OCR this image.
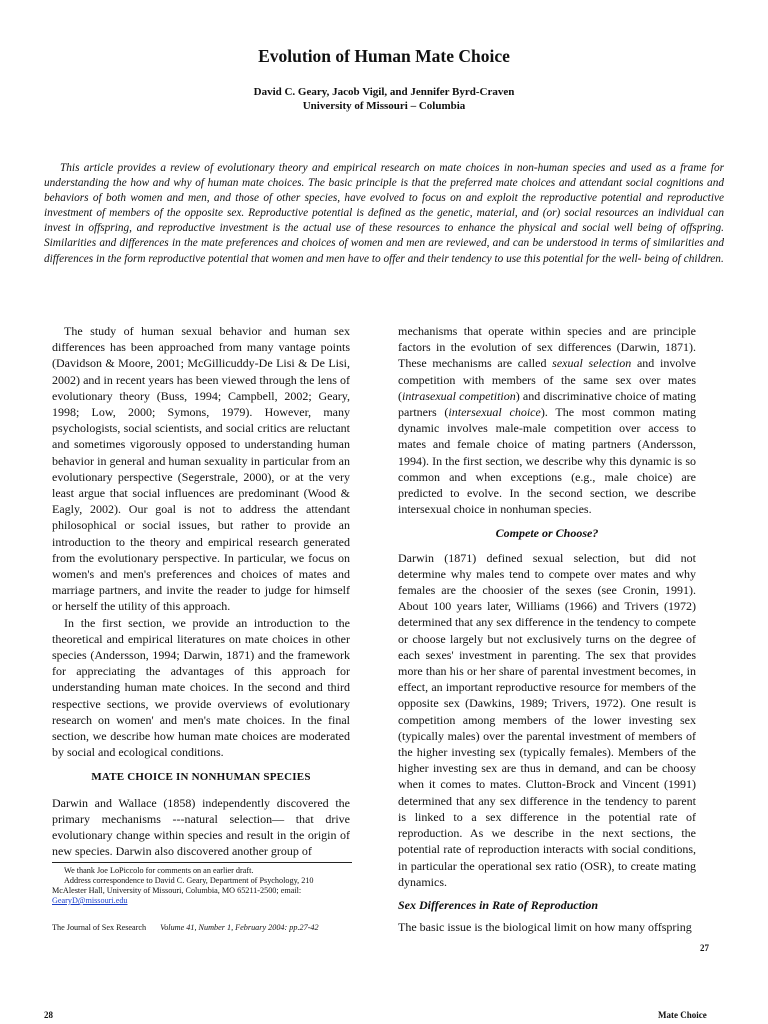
Evolution of Human Mate Choice
David C. Geary, Jacob Vigil, and Jennifer Byrd-Craven
University of Missouri – Columbia

This article provides a review of evolutionary theory and empirical research on mate choices in non-human species and used as a frame for understanding the how and why of human mate choices. The basic principle is that the preferred mate choices and attendant social cognitions and behaviors of both women and men, and those of other species, have evolved to focus on and exploit the reproductive potential and reproductive investment of members of the opposite sex. Reproductive potential is defined as the genetic, material, and (or) social resources an individual can invest in offspring, and reproductive investment is the actual use of these resources to enhance the physical and social well being of offspring. Similarities and differences in the mate preferences and choices of women and men are reviewed, and can be understood in terms of similarities and differences in the form reproductive potential that women and men have to offer and their tendency to use this potential for the well- being of children.

The study of human sexual behavior and human sex differences has been approached from many vantage points (Davidson & Moore, 2001; McGillicuddy-De Lisi & De Lisi, 2002) and in recent years has been viewed through the lens of evolutionary theory (Buss, 1994; Campbell, 2002; Geary, 1998; Low, 2000; Symons, 1979). However, many psychologists, social scientists, and social critics are reluctant and sometimes vigorously opposed to understanding human behavior in general and human sexuality in particular from an evolutionary perspective (Segerstrale, 2000), or at the very least argue that social influences are predominant (Wood & Eagly, 2002). Our goal is not to address the attendant philosophical or social issues, but rather to provide an introduction to the theory and empirical research generated from the evolutionary perspective. In particular, we focus on women's and men's preferences and choices of mates and marriage partners, and invite the reader to judge for himself or herself the utility of this approach.

In the first section, we provide an introduction to the theoretical and empirical literatures on mate choices in other species (Andersson, 1994; Darwin, 1871) and the framework for appreciating the advantages of this approach for understanding human mate choices. In the second and third respective sections, we provide overviews of evolutionary research on women' and men's mate choices. In the final section, we describe how human mate choices are moderated by social and ecological conditions.

MATE CHOICE IN NONHUMAN SPECIES

Darwin and Wallace (1858) independently discovered the primary mechanisms ---natural selection— that drive evolutionary change within species and result in the origin of new species. Darwin also discovered another group of

mechanisms that operate within species and are principle factors in the evolution of sex differences (Darwin, 1871). These mechanisms are called sexual selection and involve competition with members of the same sex over mates (intrasexual competition) and discriminative choice of mating partners (intersexual choice). The most common mating dynamic involves male-male competition over access to mates and female choice of mating partners (Andersson, 1994). In the first section, we describe why this dynamic is so common and when exceptions (e.g., male choice) are predicted to evolve. In the second section, we describe intersexual choice in nonhuman species.

Compete or Choose?

Darwin (1871) defined sexual selection, but did not determine why males tend to compete over mates and why females are the choosier of the sexes (see Cronin, 1991). About 100 years later, Williams (1966) and Trivers (1972) determined that any sex difference in the tendency to compete or choose largely but not exclusively turns on the degree of each sexes' investment in parenting. The sex that provides more than his or her share of parental investment becomes, in effect, an important reproductive resource for members of the opposite sex (Dawkins, 1989; Trivers, 1972). One result is competition among members of the lower investing sex (typically males) over the parental investment of members of the higher investing sex (typically females). Members of the higher investing sex are thus in demand, and can be choosy when it comes to mates. Clutton-Brock and Vincent (1991) determined that any sex difference in the tendency to parent is linked to a sex difference in the potential rate of reproduction. As we describe in the next sections, the potential rate of reproduction interacts with social conditions, in particular the operational sex ratio (OSR), to create mating dynamics.

Sex Differences in Rate of Reproduction

The basic issue is the biological limit on how many offspring

We thank Joe LoPiccolo for comments on an earlier draft.
Address correspondence to David C. Geary, Department of Psychology, 210
McAlester Hall, University of Missouri, Columbia, MO 65211-2500; email:
GearyD@missouri.edu
The Journal of Sex Research Volume 41, Number 1, February 2004: pp.27-42
27
28	Mate Choice
